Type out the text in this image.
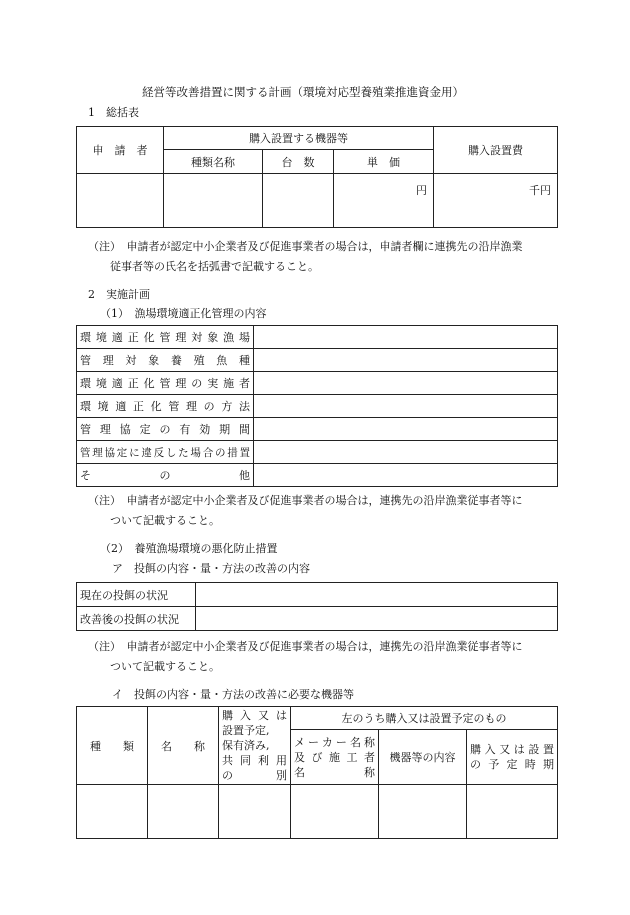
経営等改善措置に関する計画（環境対応型養殖業推進資金用）
1　総括表
申　請　者	購入設置する機器等			購入設置費
	種類名称	台　数	単　価	
			円	千円
（注）　 申請者が認定中小企業者及び促進事業者の場合は，申請者欄に連携先の沿岸漁業
従事者等の氏名を括弧書で記載すること。
2　実施計画
（1）　漁場環境適正化管理の内容
環境適正化管理対象漁場	
管理対象養殖魚種	
環境適正化管理の実施者	
環境適正化管理の方法	
管理協定の有効期間	
管理協定に違反した場合の措置	
そ　　　の　　　他	
（注）　 申請者が認定中小企業者及び促進事業者の場合は，連携先の沿岸漁業従事者等に
ついて記載すること。
（2）　養殖漁場環境の悪化防止措置
ア　投餌の内容・量・方法の改善の内容
現在の投餌の状況	
改善後の投餌の状況	
（注）　 申請者が認定中小企業者及び促進事業者の場合は，連携先の沿岸漁業従事者等に
ついて記載すること。
イ　投餌の内容・量・方法の改善に必要な機器等
種　　類	名　　称	購入又は
設置予定,
保有済み,
共同利用
の　　別	左のうち購入又は設置予定のもの		

			メーカー名称
及び施工者
名　　　称	機器等の内容	購入又は設置
の予定時期
